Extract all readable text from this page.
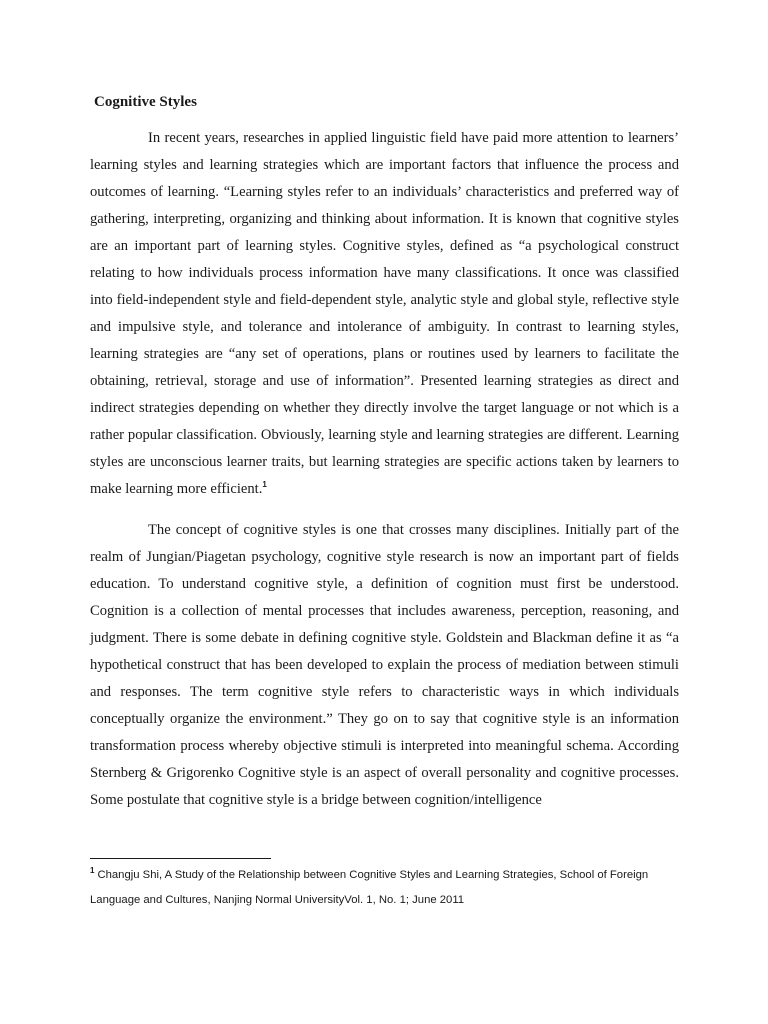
Cognitive Styles

In recent years, researches in applied linguistic field have paid more attention to learners’ learning styles and learning strategies which are important factors that influence the process and outcomes of learning. “Learning styles refer to an individuals’ characteristics and preferred way of gathering, interpreting, organizing and thinking about information. It is known that cognitive styles are an important part of learning styles. Cognitive styles, defined as “a psychological construct relating to how individuals process information have many classifications. It once was classified into field-independent style and field-dependent style, analytic style and global style, reflective style and impulsive style, and tolerance and intolerance of ambiguity. In contrast to learning styles, learning strategies are “any set of operations, plans or routines used by learners to facilitate the obtaining, retrieval, storage and use of information”. Presented learning strategies as direct and indirect strategies depending on whether they directly involve the target language or not which is a rather popular classification. Obviously, learning style and learning strategies are different. Learning styles are unconscious learner traits, but learning strategies are specific actions taken by learners to make learning more efficient.$^1$

The concept of cognitive styles is one that crosses many disciplines. Initially part of the realm of Jungian/Piagetan psychology, cognitive style research is now an important part of fields education. To understand cognitive style, a definition of cognition must first be understood. Cognition is a collection of mental processes that includes awareness, perception, reasoning, and judgment. There is some debate in defining cognitive style. Goldstein and Blackman define it as “a hypothetical construct that has been developed to explain the process of mediation between stimuli and responses. The term cognitive style refers to characteristic ways in which individuals conceptually organize the environment.” They go on to say that cognitive style is an information transformation process whereby objective stimuli is interpreted into meaningful schema. According Sternberg & Grigorenko Cognitive style is an aspect of overall personality and cognitive processes. Some postulate that cognitive style is a bridge between cognition/intelligence

$^1$ Changju Shi, A Study of the Relationship between Cognitive Styles and Learning Strategies, School of Foreign Language and Cultures, Nanjing Normal UniversityVol. 1, No. 1; June 2011
